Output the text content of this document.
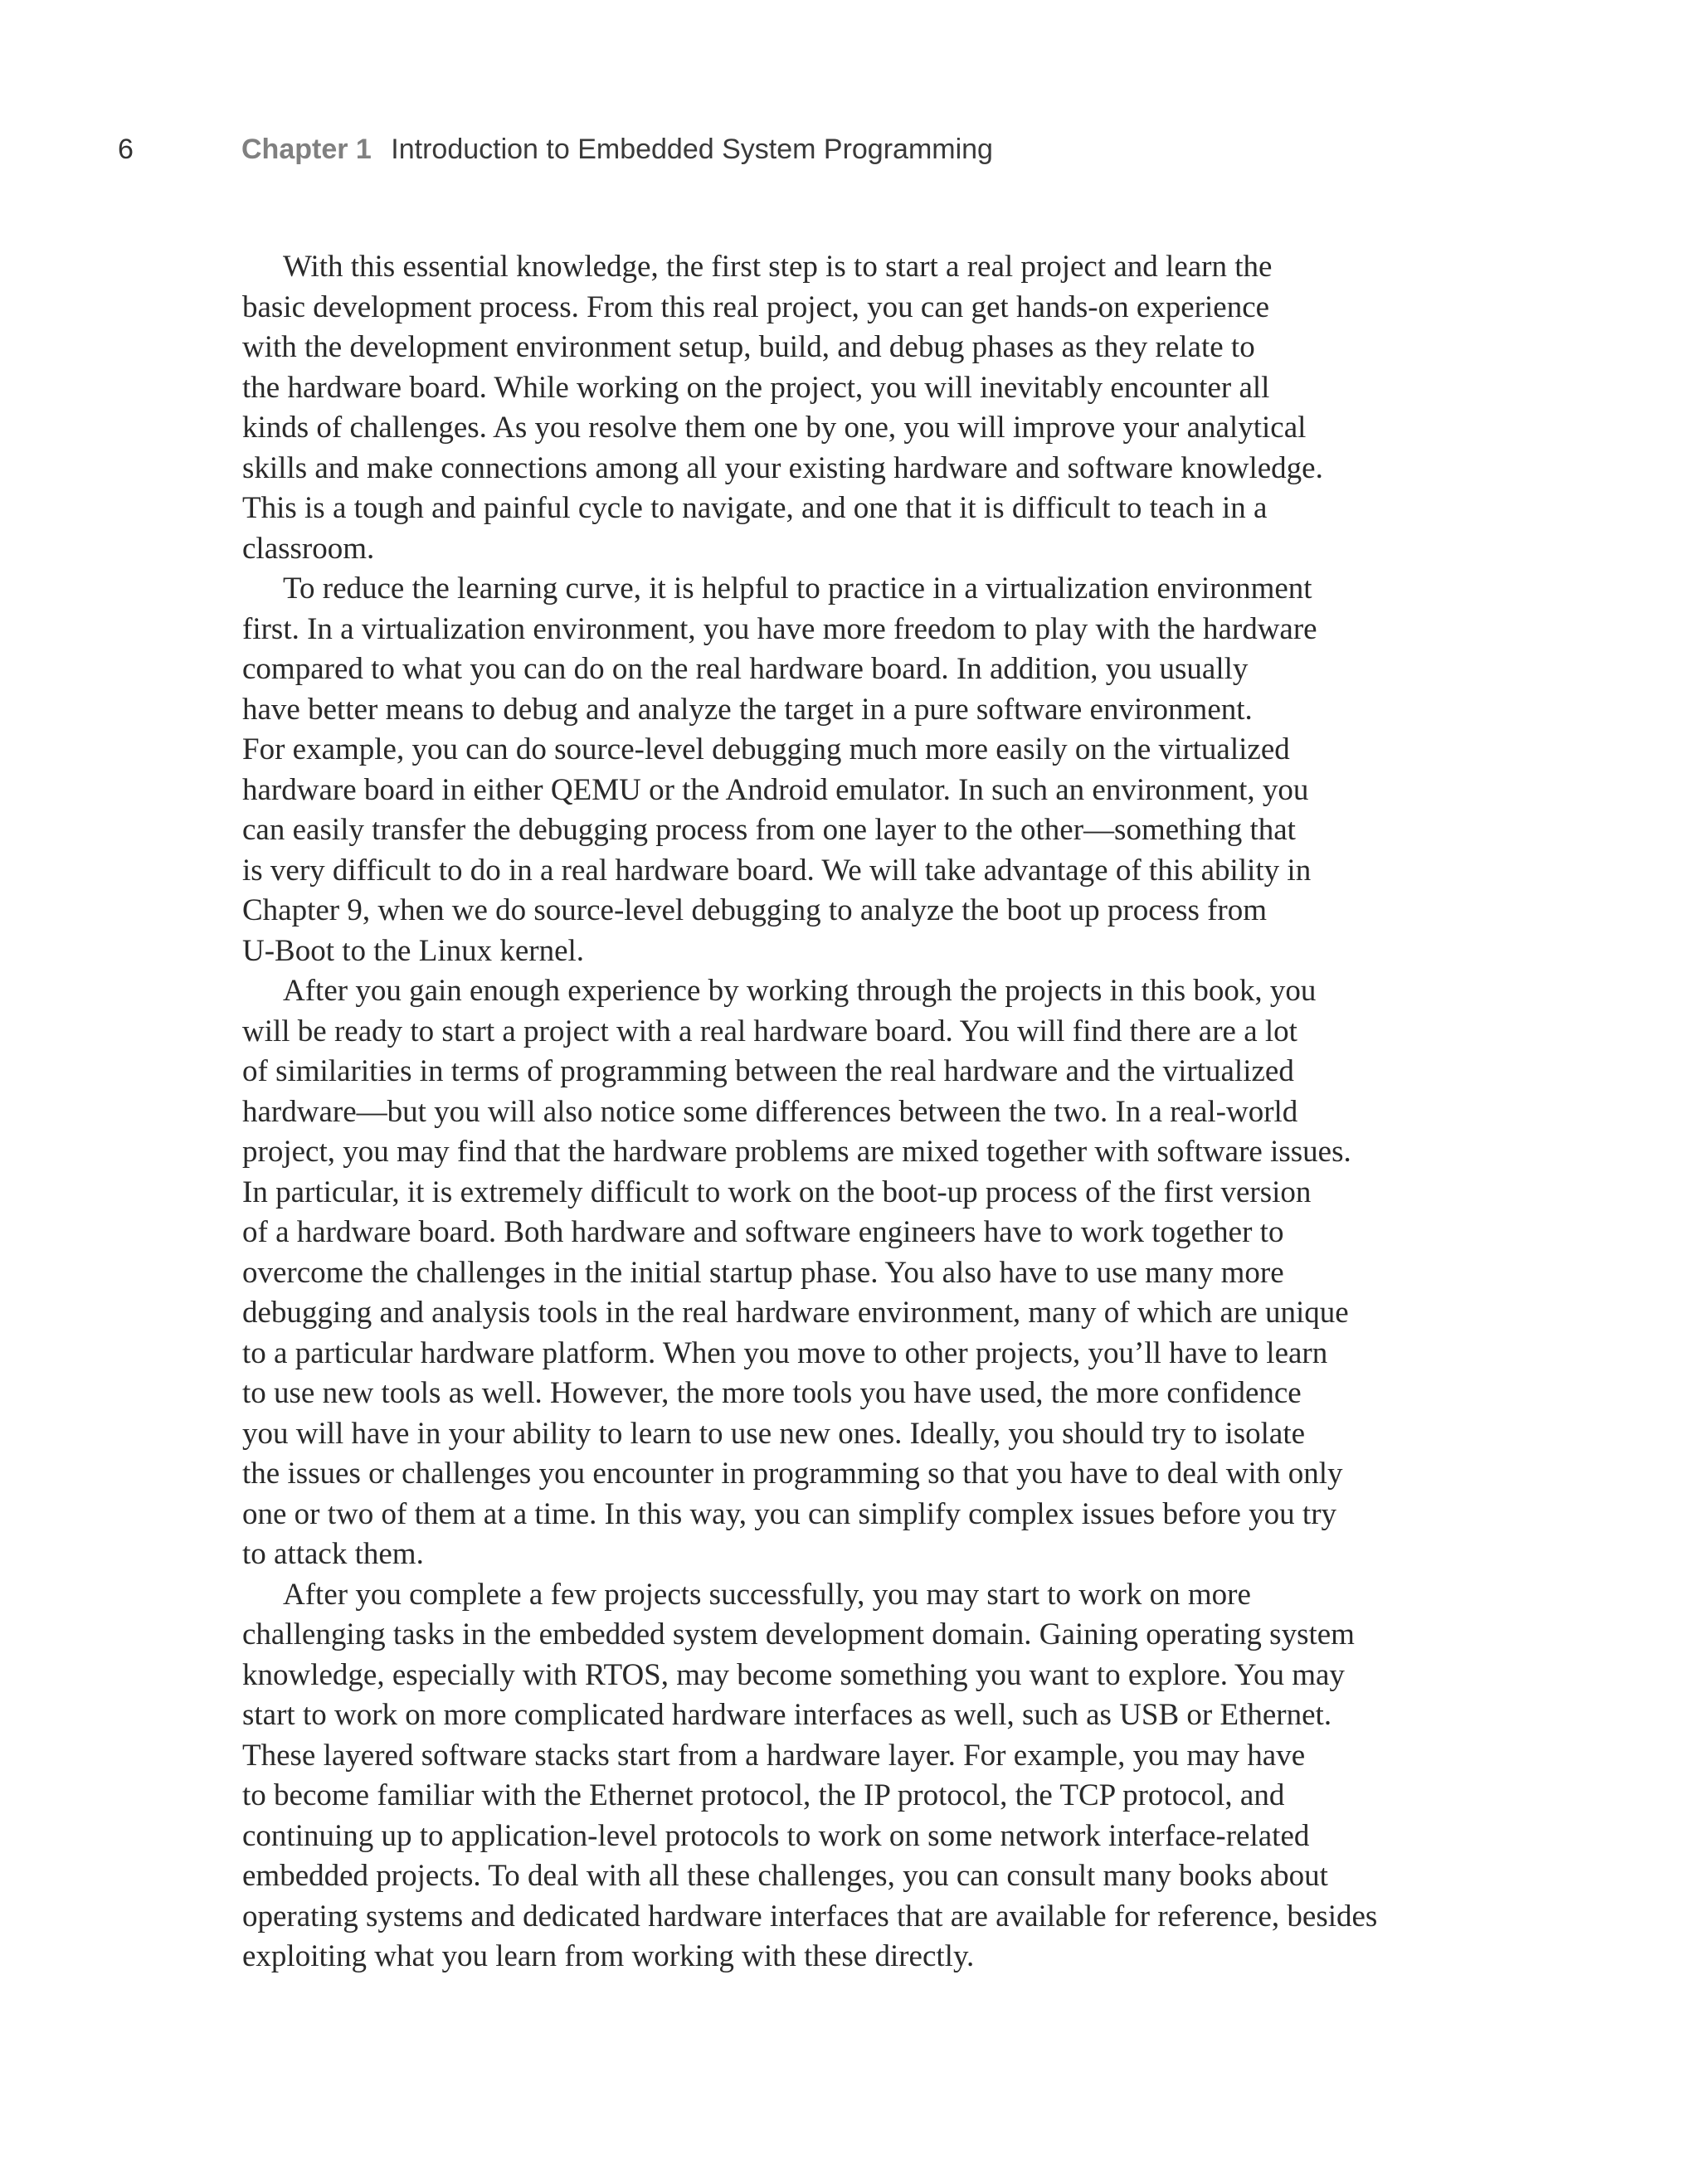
6	Chapter 1 Introduction to Embedded System Programming
With this essential knowledge, the first step is to start a real project and learn the
basic development process. From this real project, you can get hands-on experience
with the development environment setup, build, and debug phases as they relate to
the hardware board. While working on the project, you will inevitably encounter all
kinds of challenges. As you resolve them one by one, you will improve your analytical
skills and make connections among all your existing hardware and software knowledge.
This is a tough and painful cycle to navigate, and one that it is difficult to teach in a
classroom.
To reduce the learning curve, it is helpful to practice in a virtualization environment
first. In a virtualization environment, you have more freedom to play with the hardware
compared to what you can do on the real hardware board. In addition, you usually
have better means to debug and analyze the target in a pure software environment.
For example, you can do source-level debugging much more easily on the virtualized
hardware board in either QEMU or the Android emulator. In such an environment, you
can easily transfer the debugging process from one layer to the other—something that
is very difficult to do in a real hardware board. We will take advantage of this ability in
Chapter 9, when we do source-level debugging to analyze the boot up process from
U-Boot to the Linux kernel.
After you gain enough experience by working through the projects in this book, you
will be ready to start a project with a real hardware board. You will find there are a lot
of similarities in terms of programming between the real hardware and the virtualized
hardware—but you will also notice some differences between the two. In a real-world
project, you may find that the hardware problems are mixed together with software issues.
In particular, it is extremely difficult to work on the boot-up process of the first version
of a hardware board. Both hardware and software engineers have to work together to
overcome the challenges in the initial startup phase. You also have to use many more
debugging and analysis tools in the real hardware environment, many of which are unique
to a particular hardware platform. When you move to other projects, you’ll have to learn
to use new tools as well. However, the more tools you have used, the more confidence
you will have in your ability to learn to use new ones. Ideally, you should try to isolate
the issues or challenges you encounter in programming so that you have to deal with only
one or two of them at a time. In this way, you can simplify complex issues before you try
to attack them.
After you complete a few projects successfully, you may start to work on more
challenging tasks in the embedded system development domain. Gaining operating system
knowledge, especially with RTOS, may become something you want to explore. You may
start to work on more complicated hardware interfaces as well, such as USB or Ethernet.
These layered software stacks start from a hardware layer. For example, you may have
to become familiar with the Ethernet protocol, the IP protocol, the TCP protocol, and
continuing up to application-level protocols to work on some network interface-related
embedded projects. To deal with all these challenges, you can consult many books about
operating systems and dedicated hardware interfaces that are available for reference, besides
exploiting what you learn from working with these directly.
